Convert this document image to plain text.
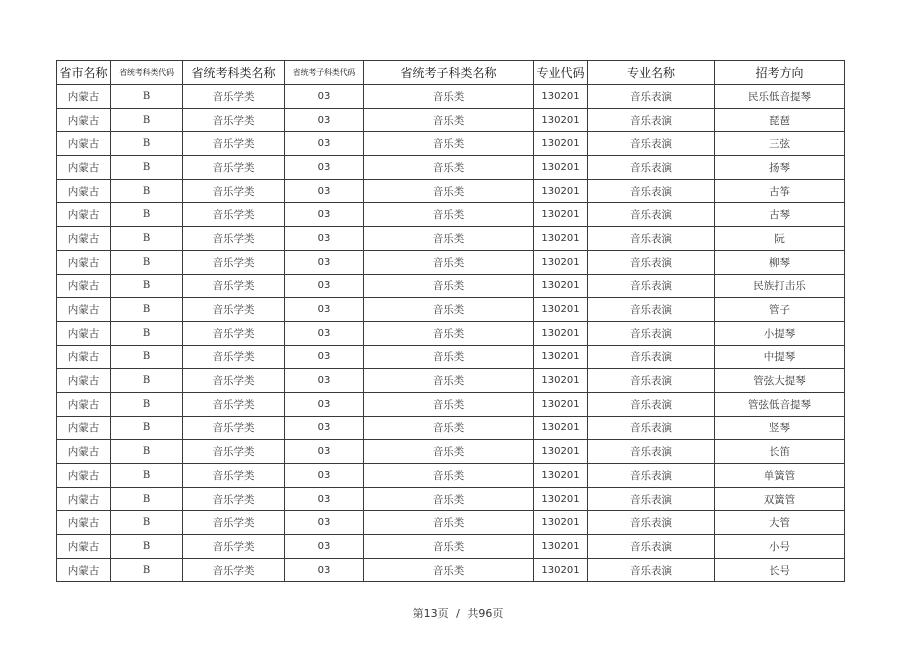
省市名称	省统考科类代码	省统考科类名称	省统考子科类代码	省统考子科类名称	专业代码	专业名称	招考方向
内蒙古	B	音乐学类	03	音乐类	130201	音乐表演	民乐低音提琴
内蒙古	B	音乐学类	03	音乐类	130201	音乐表演	琵琶
内蒙古	B	音乐学类	03	音乐类	130201	音乐表演	三弦
内蒙古	B	音乐学类	03	音乐类	130201	音乐表演	扬琴
内蒙古	B	音乐学类	03	音乐类	130201	音乐表演	古筝
内蒙古	B	音乐学类	03	音乐类	130201	音乐表演	古琴
内蒙古	B	音乐学类	03	音乐类	130201	音乐表演	阮
内蒙古	B	音乐学类	03	音乐类	130201	音乐表演	柳琴
内蒙古	B	音乐学类	03	音乐类	130201	音乐表演	民族打击乐
内蒙古	B	音乐学类	03	音乐类	130201	音乐表演	管子
内蒙古	B	音乐学类	03	音乐类	130201	音乐表演	小提琴
内蒙古	B	音乐学类	03	音乐类	130201	音乐表演	中提琴
内蒙古	B	音乐学类	03	音乐类	130201	音乐表演	管弦大提琴
内蒙古	B	音乐学类	03	音乐类	130201	音乐表演	管弦低音提琴
内蒙古	B	音乐学类	03	音乐类	130201	音乐表演	竖琴
内蒙古	B	音乐学类	03	音乐类	130201	音乐表演	长笛
内蒙古	B	音乐学类	03	音乐类	130201	音乐表演	单簧管
内蒙古	B	音乐学类	03	音乐类	130201	音乐表演	双簧管
内蒙古	B	音乐学类	03	音乐类	130201	音乐表演	大管
内蒙古	B	音乐学类	03	音乐类	130201	音乐表演	小号
内蒙古	B	音乐学类	03	音乐类	130201	音乐表演	长号
第13页 / 共96页
